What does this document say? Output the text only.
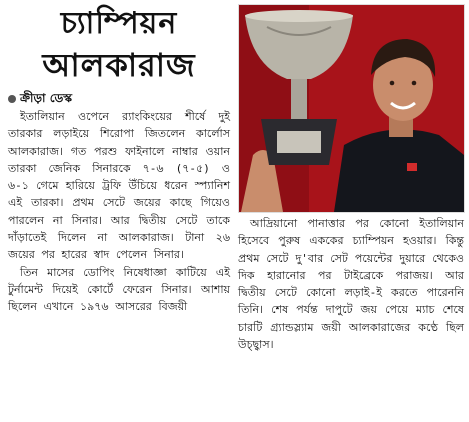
চ্যাম্পিয়ন
আলকারাজ
ক্রীড়া ডেস্ক

ইতালিয়ান ওপেনে র‍্যাংকিংয়ের শীর্ষে দুই তারকার লড়াইয়ে শিরোপা জিতলেন কার্লোস আলকারাজ। গত পরশু ফাইনালে নাম্বার ওয়ান তারকা জেনিক সিনারকে ৭-৬ (৭-৫) ও ৬-১ গেমে হারিয়ে ট্রফি উঁচিয়ে ধরেন স্প্যানিশ এই তারকা। প্রথম সেটে জয়ের কাছে গিয়েও পারলেন না সিনার। আর দ্বিতীয় সেটে তাকে দাঁড়াতেই দিলেন না আলকারাজ। টানা ২৬ জয়ের পর হারের স্বাদ পেলেন সিনার।

তিন মাসের ডোপিং নিষেধাজ্ঞা কাটিয়ে এই টুর্নামেন্ট দিয়েই কোর্টে ফেরেন সিনার। আশায় ছিলেন এখানে ১৯৭৬ আসরের বিজয়ী

আদ্রিয়ানো পানাত্তার পর কোনো ইতালিয়ান হিসেবে পুরুষ এককের চ্যাম্পিয়ন হওয়ার। কিন্তু প্রথম সেটে দু'বার সেট পয়েন্টের দুয়ারে থেকেও দিক হারানোর পর টাইব্রেকে পরাজয়। আর দ্বিতীয় সেটে কোনো লড়াই-ই করতে পারেননি তিনি। শেষ পর্যন্ত দাপুটে জয় পেয়ে ম্যাচ শেষে চারটি গ্র্যান্ডস্ল্যাম জয়ী আলকারাজের কণ্ঠে ছিল উচ্ছ্বাস।
